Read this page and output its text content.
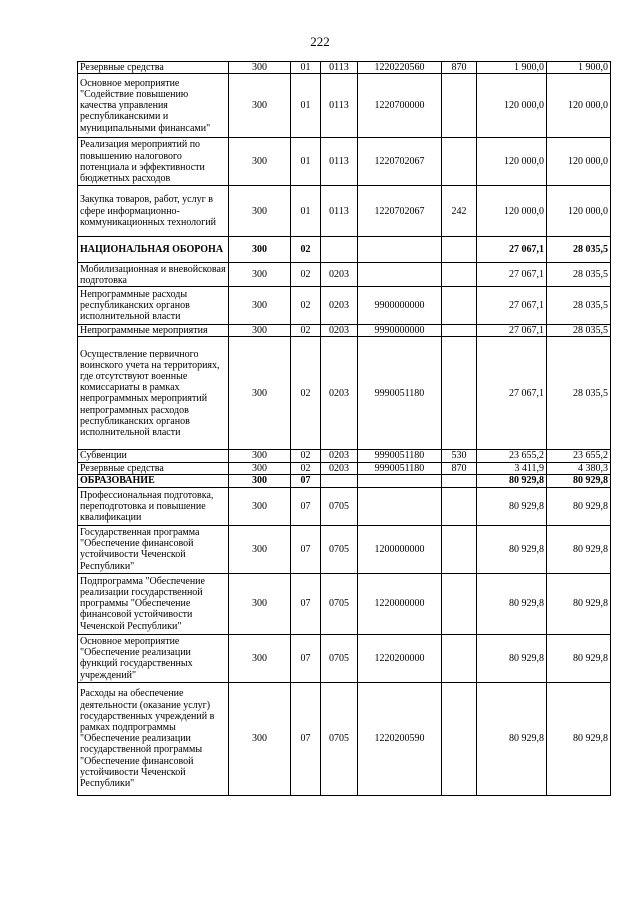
222
Резервные средства	300	01	0113	1220220560	870	1 900,0	1 900,0
Основное мероприятие "Содействие повышению качества управления республиканскими и муниципальными финансами"	300	01	0113	1220700000		120 000,0	120 000,0
Реализация мероприятий по повышению налогового потенциала и эффективности бюджетных расходов	300	01	0113	1220702067		120 000,0	120 000,0
Закупка товаров, работ, услуг в сфере информационно-коммуникационных технологий	300	01	0113	1220702067	242	120 000,0	120 000,0
НАЦИОНАЛЬНАЯ ОБОРОНА	300	02				27 067,1	28 035,5
Мобилизационная и вневойсковая подготовка	300	02	0203			27 067,1	28 035,5
Непрограммные расходы республиканских органов исполнительной власти	300	02	0203	9900000000		27 067,1	28 035,5
Непрограммные мероприятия	300	02	0203	9990000000		27 067,1	28 035,5
Осуществление первичного воинского учета на территориях, где отсутствуют военные комиссариаты в рамках непрограммных мероприятий непрограммных расходов республиканских органов исполнительной власти	300	02	0203	9990051180		27 067,1	28 035,5
Субвенции	300	02	0203	9990051180	530	23 655,2	23 655,2
Резервные средства	300	02	0203	9990051180	870	3 411,9	4 380,3
ОБРАЗОВАНИЕ	300	07				80 929,8	80 929,8
Профессиональная подготовка, переподготовка и повышение квалификации	300	07	0705			80 929,8	80 929,8
Государственная программа "Обеспечение финансовой устойчивости Чеченской Республики"	300	07	0705	1200000000		80 929,8	80 929,8
Подпрограмма "Обеспечение реализации государственной программы "Обеспечение финансовой устойчивости Чеченской Республики"	300	07	0705	1220000000		80 929,8	80 929,8
Основное мероприятие "Обеспечение реализации функций государственных учреждений"	300	07	0705	1220200000		80 929,8	80 929,8
Расходы на обеспечение деятельности (оказание услуг) государственных учреждений в рамках подпрограммы "Обеспечение реализации государственной программы "Обеспечение финансовой устойчивости Чеченской Республики"	300	07	0705	1220200590		80 929,8	80 929,8
